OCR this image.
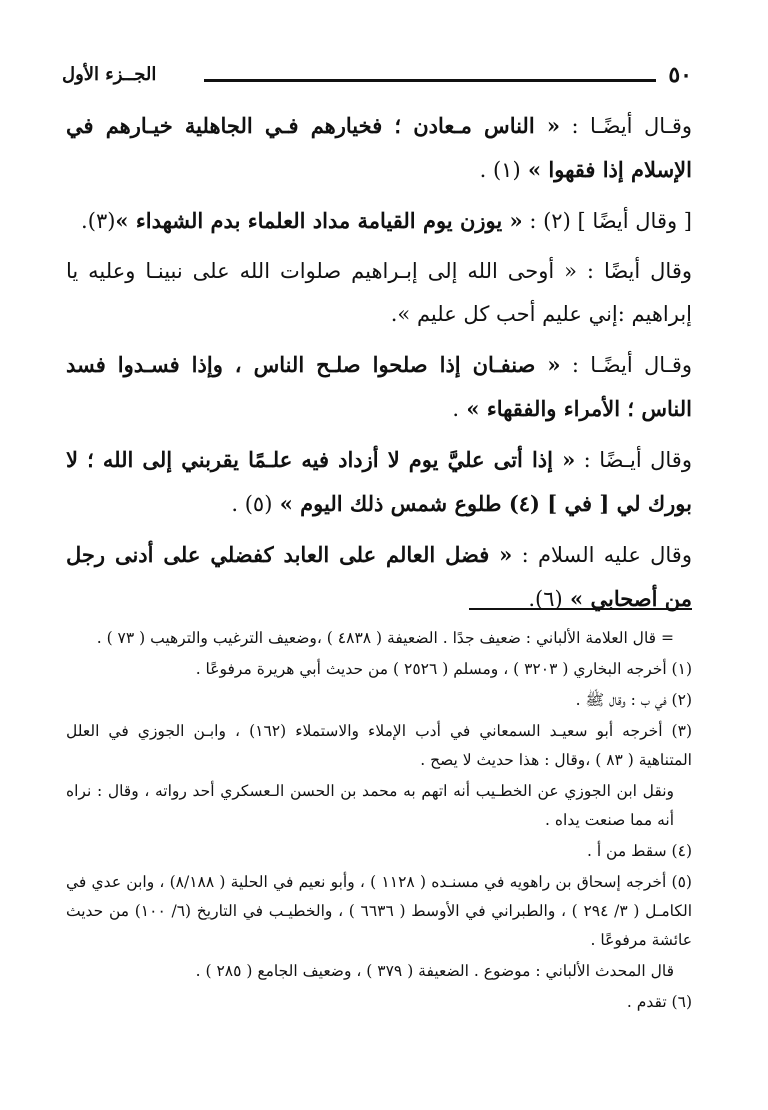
٥٠
الجــزء الأول

وقـال أيضًـا : « الناس مـعادن ؛ فخيارهم فـي الجاهلية خيـارهم في الإسلام إذا فقهوا » (١) .

[ وقال أيضًا ] (٢) : « يوزن يوم القيامة مداد العلماء بدم الشهداء »(٣).

وقال أيضًا : « أوحى الله إلى إبـراهيم صلوات الله على نبينـا وعليه يا إبراهيم :إني عليم أحب كل عليم ».

وقـال أيضًـا : « صنفـان إذا صلحوا صلـح الناس ، وإذا فسـدوا فسد الناس ؛ الأمراء والفقهاء » .

وقال أيـضًا : « إذا أتى عليَّ يوم لا أزداد فيه علـمًا يقربني إلى الله ؛ لا بورك لي [ في ] (٤) طلوع شمس ذلك اليوم » (٥) .

وقال عليه السلام : « فضل العالم على العابد كفضلي على أدنى رجل من أصحابي » (٦).

= قال العلامة الألباني : ضعيف جدًا . الضعيفة ( ٤٨٣٨ ) ،وضعيف الترغيب والترهيب ( ٧٣ ) .

(١) أخرجه البخاري ( ٣٢٠٣ ) ، ومسلم ( ٢٥٢٦ ) من حديث أبي هريرة مرفوعًا .

(٢) في ب : وقال ﷺ .

(٣) أخرجه أبو سعيـد السمعاني في أدب الإملاء والاستملاء (١٦٢) ، وابـن الجوزي في العلل المتناهية ( ٨٣ ) ،وقال : هذا حديث لا يصح .

ونقل ابن الجوزي عن الخطـيب أنه اتهم به محمد بن الحسن الـعسكري أحد رواته ، وقال : نراه أنه مما صنعت يداه .

(٤) سقط من أ .

(٥) أخرجه إسحاق بن راهويه في مسنـده ( ١١٢٨ ) ، وأبو نعيم في الحلية ( ٨/١٨٨) ، وابن عدي في الكامـل ( ٣/ ٢٩٤ ) ، والطبراني في الأوسط ( ٦٦٣٦ ) ، والخطيـب في التاريخ (٦/ ١٠٠) من حديث عائشة مرفوعًا .

قال المحدث الألباني : موضوع . الضعيفة ( ٣٧٩ ) ، وضعيف الجامع ( ٢٨٥ ) .

(٦) تقدم .
